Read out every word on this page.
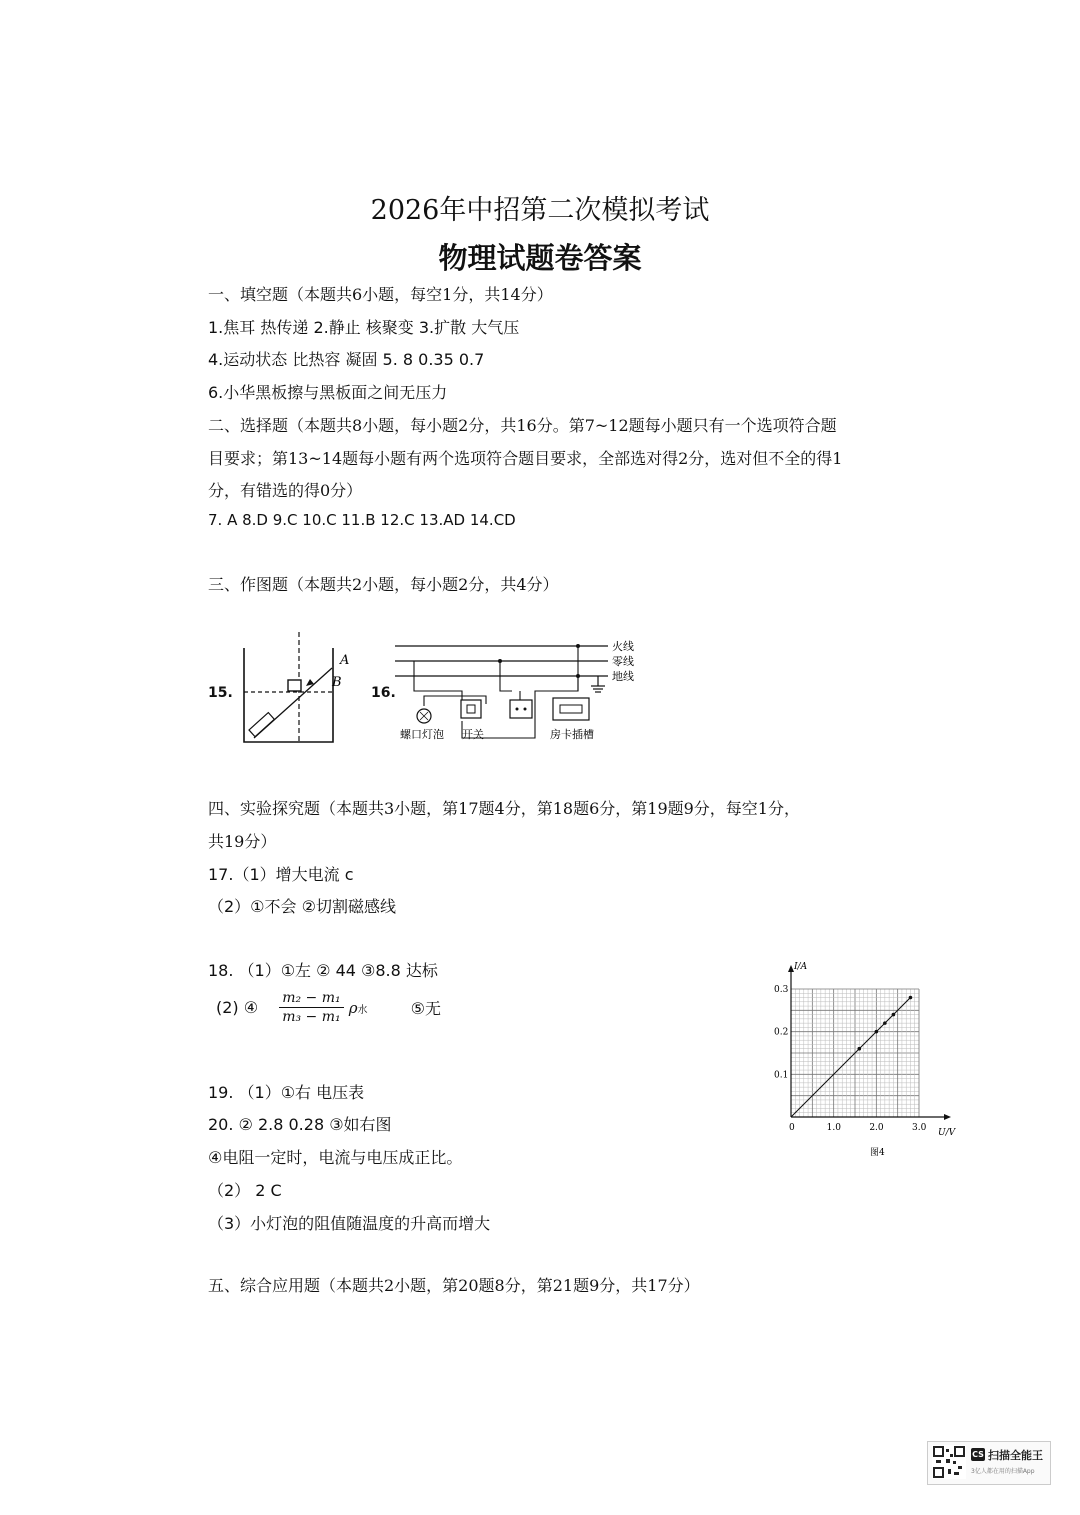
2026年中招第二次模拟考试
物理试题卷答案
一、填空题（本题共6小题，每空1分，共14分）
1.焦耳 热传递 2.静止 核聚变 3.扩散 大气压
4.运动状态 比热容 凝固 5. 8 0.35 0.7
6.小华黑板擦与黑板面之间无压力
二、选择题（本题共8小题，每小题2分，共16分。第7~12题每小题只有一个选项符合题
目要求；第13~14题每小题有两个选项符合题目要求，全部选对得2分，选对但不全的得1
分，有错选的得0分）
7. A 8.D 9.C 10.C 11.B 12.C 13.AD 14.CD
三、作图题（本题共2小题，每小题2分，共4分）
15.
A
B
16.
火线
零线
地线
螺口灯泡 开关	房卡插槽
四、实验探究题（本题共3小题，第17题4分，第18题6分，第19题9分，每空1分，
共19分）
17.（1）增大电流 c
（2）①不会 ②切割磁感线
18. （1）①左 ② 44 ③8.8 达标
(2) ④ $\frac{\text{m₂ − m₁}}{\text{m₃ − m₁}}$ ρ水	⑤无
19. （1）①右 电压表
20. ② 2.8 0.28 ③如右图
④电阻一定时，电流与电压成正比。
（2） 2 C
（3）小灯泡的阻值随温度的升高而增大
0	1.0	2.0	3.0
0.1
0.2
0.3
I/A
U/V
图4
五、综合应用题（本题共2小题，第20题8分，第21题9分，共17分）
CS 扫描全能王
3亿人都在用的扫描App
